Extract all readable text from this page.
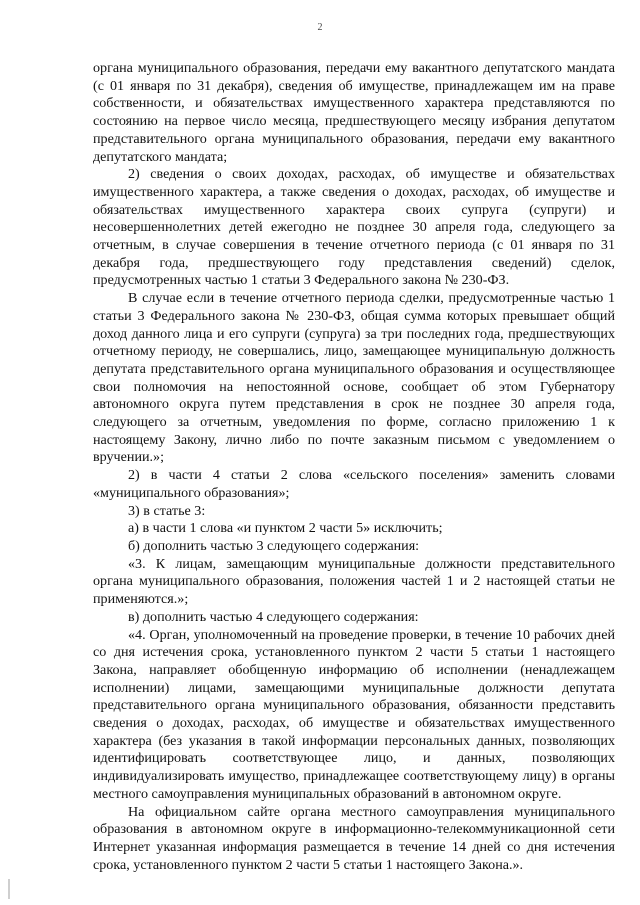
2

органа муниципального образования, передачи ему вакантного депутатского мандата (с 01 января по 31 декабря), сведения об имуществе, принадлежащем им на праве собственности, и обязательствах имущественного характера представляются по состоянию на первое число месяца, предшествующего месяцу избрания депутатом представительного органа муниципального образования, передачи ему вакантного депутатского мандата;

2) сведения о своих доходах, расходах, об имуществе и обязательствах имущественного характера, а также сведения о доходах, расходах, об имуществе и обязательствах имущественного характера своих супруга (супруги) и несовершеннолетних детей ежегодно не позднее 30 апреля года, следующего за отчетным, в случае совершения в течение отчетного периода (с 01 января по 31 декабря года, предшествующего году представления сведений) сделок, предусмотренных частью 1 статьи 3 Федерального закона № 230-ФЗ.

В случае если в течение отчетного периода сделки, предусмотренные частью 1 статьи 3 Федерального закона № 230-ФЗ, общая сумма которых превышает общий доход данного лица и его супруги (супруга) за три последних года, предшествующих отчетному периоду, не совершались, лицо, замещающее муниципальную должность депутата представительного органа муниципального образования и осуществляющее свои полномочия на непостоянной основе, сообщает об этом Губернатору автономного округа путем представления в срок не позднее 30 апреля года, следующего за отчетным, уведомления по форме, согласно приложению 1 к настоящему Закону, лично либо по почте заказным письмом с уведомлением о вручении.»;

2) в части 4 статьи 2 слова «сельского поселения» заменить словами «муниципального образования»;

3) в статье 3:

а) в части 1 слова «и пунктом 2 части 5» исключить;

б) дополнить частью 3 следующего содержания:

«3. К лицам, замещающим муниципальные должности представительного органа муниципального образования, положения частей 1 и 2 настоящей статьи не применяются.»;

в) дополнить частью 4 следующего содержания:

«4. Орган, уполномоченный на проведение проверки, в течение 10 рабочих дней со дня истечения срока, установленного пунктом 2 части 5 статьи 1 настоящего Закона, направляет обобщенную информацию об исполнении (ненадлежащем исполнении) лицами, замещающими муниципальные должности депутата представительного органа муниципального образования, обязанности представить сведения о доходах, расходах, об имуществе и обязательствах имущественного характера (без указания в такой информации персональных данных, позволяющих идентифицировать соответствующее лицо, и данных, позволяющих индивидуализировать имущество, принадлежащее соответствующему лицу) в органы местного самоуправления муниципальных образований в автономном округе.

На официальном сайте органа местного самоуправления муниципального образования в автономном округе в информационно-телекоммуникационной сети Интернет указанная информация размещается в течение 14 дней со дня истечения срока, установленного пунктом 2 части 5 статьи 1 настоящего Закона.».
